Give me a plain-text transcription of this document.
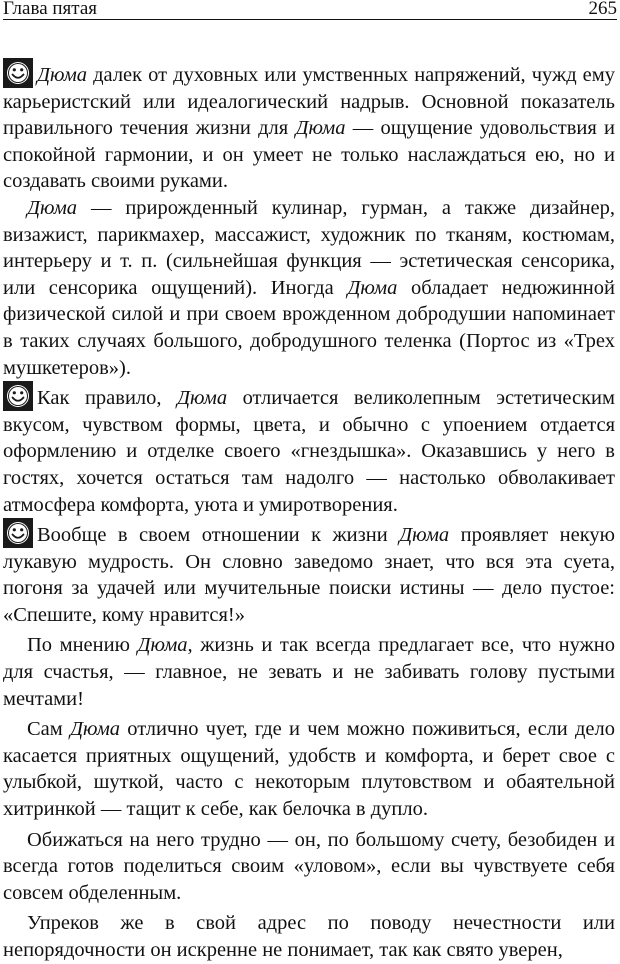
Глава пятая	265

Дюма далек от духовных или умственных напряжений, чужд ему карьеристский или идеалогический надрыв. Основной показатель правильного течения жизни для Дюма — ощущение удовольствия и спокойной гармонии, и он умеет не только наслаждаться ею, но и создавать своими руками.

Дюма — прирожденный кулинар, гурман, а также дизайнер, визажист, парикмахер, массажист, художник по тканям, костюмам, интерьеру и т. п. (сильнейшая функция — эстетическая сенсорика, или сенсорика ощущений). Иногда Дюма обладает недюжинной физической силой и при своем врожденном добродушии напоминает в таких случаях большого, добродушного теленка (Портос из «Трех мушкетеров»).

Как правило, Дюма отличается великолепным эстетическим вкусом, чувством формы, цвета, и обычно с упоением отдается оформлению и отделке своего «гнездышка». Оказавшись у него в гостях, хочется остаться там надолго — настолько обволакивает атмосфера комфорта, уюта и умиротворения.

Вообще в своем отношении к жизни Дюма проявляет некую лукавую мудрость. Он словно заведомо знает, что вся эта суета, погоня за удачей или мучительные поиски истины — дело пустое: «Спешите, кому нравится!»

По мнению Дюма, жизнь и так всегда предлагает все, что нужно для счастья, — главное, не зевать и не забивать голову пустыми мечтами!

Сам Дюма отлично чует, где и чем можно поживиться, если дело касается приятных ощущений, удобств и комфорта, и берет свое с улыбкой, шуткой, часто с некоторым плутовством и обаятельной хитринкой — тащит к себе, как белочка в дупло.

Обижаться на него трудно — он, по большому счету, безобиден и всегда готов поделиться своим «уловом», если вы чувствуете себя совсем обделенным.

Упреков же в свой адрес по поводу нечестности или непорядочности он искренне не понимает, так как свято уверен,
